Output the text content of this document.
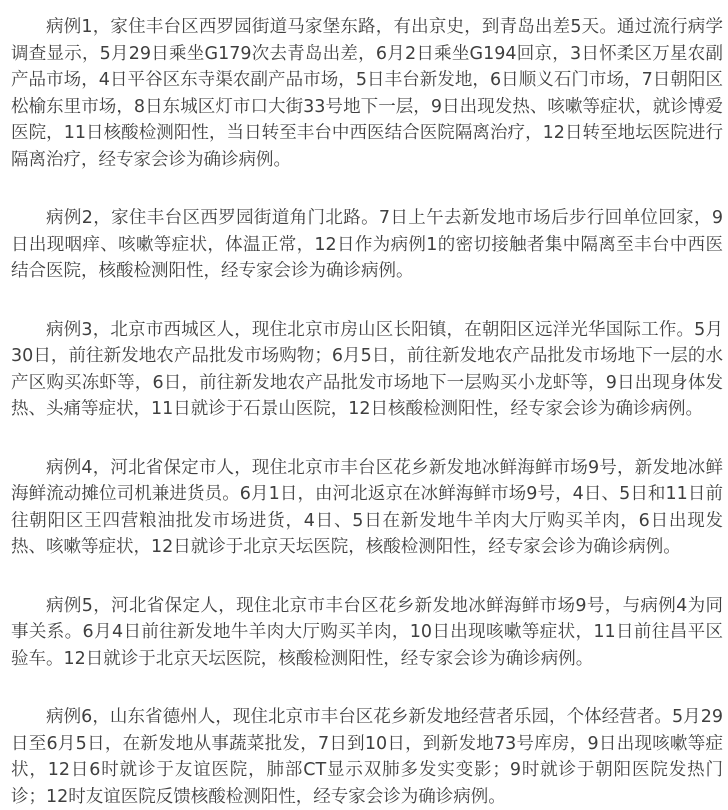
病例1，家住丰台区西罗园街道马家堡东路，有出京史，到青岛出差5天。通过流行病学调查显示，5月29日乘坐G179次去青岛出差，6月2日乘坐G194回京，3日怀柔区万星农副产品市场，4日平谷区东寺渠农副产品市场，5日丰台新发地，6日顺义石门市场，7日朝阳区松榆东里市场，8日东城区灯市口大街33号地下一层，9日出现发热、咳嗽等症状，就诊博爱医院，11日核酸检测阳性，当日转至丰台中西医结合医院隔离治疗，12日转至地坛医院进行隔离治疗，经专家会诊为确诊病例。

病例2，家住丰台区西罗园街道角门北路。7日上午去新发地市场后步行回单位回家，9日出现咽痒、咳嗽等症状，体温正常，12日作为病例1的密切接触者集中隔离至丰台中西医结合医院，核酸检测阳性，经专家会诊为确诊病例。

病例3，北京市西城区人，现住北京市房山区长阳镇，在朝阳区远洋光华国际工作。5月30日，前往新发地农产品批发市场购物；6月5日，前往新发地农产品批发市场地下一层的水产区购买冻虾等，6日，前往新发地农产品批发市场地下一层购买小龙虾等，9日出现身体发热、头痛等症状，11日就诊于石景山医院，12日核酸检测阳性，经专家会诊为确诊病例。

病例4，河北省保定市人，现住北京市丰台区花乡新发地冰鲜海鲜市场9号，新发地冰鲜海鲜流动摊位司机兼进货员。6月1日，由河北返京在冰鲜海鲜市场9号，4日、5日和11日前往朝阳区王四营粮油批发市场进货，4日、5日在新发地牛羊肉大厅购买羊肉，6日出现发热、咳嗽等症状，12日就诊于北京天坛医院，核酸检测阳性，经专家会诊为确诊病例。

病例5，河北省保定人，现住北京市丰台区花乡新发地冰鲜海鲜市场9号，与病例4为同事关系。6月4日前往新发地牛羊肉大厅购买羊肉，10日出现咳嗽等症状，11日前往昌平区验车。12日就诊于北京天坛医院，核酸检测阳性，经专家会诊为确诊病例。

病例6，山东省德州人，现住北京市丰台区花乡新发地经营者乐园，个体经营者。5月29日至6月5日，在新发地从事蔬菜批发，7日到10日，到新发地73号库房，9日出现咳嗽等症状，12日6时就诊于友谊医院，肺部CT显示双肺多发实变影；9时就诊于朝阳医院发热门诊；12时友谊医院反馈核酸检测阳性，经专家会诊为确诊病例。
